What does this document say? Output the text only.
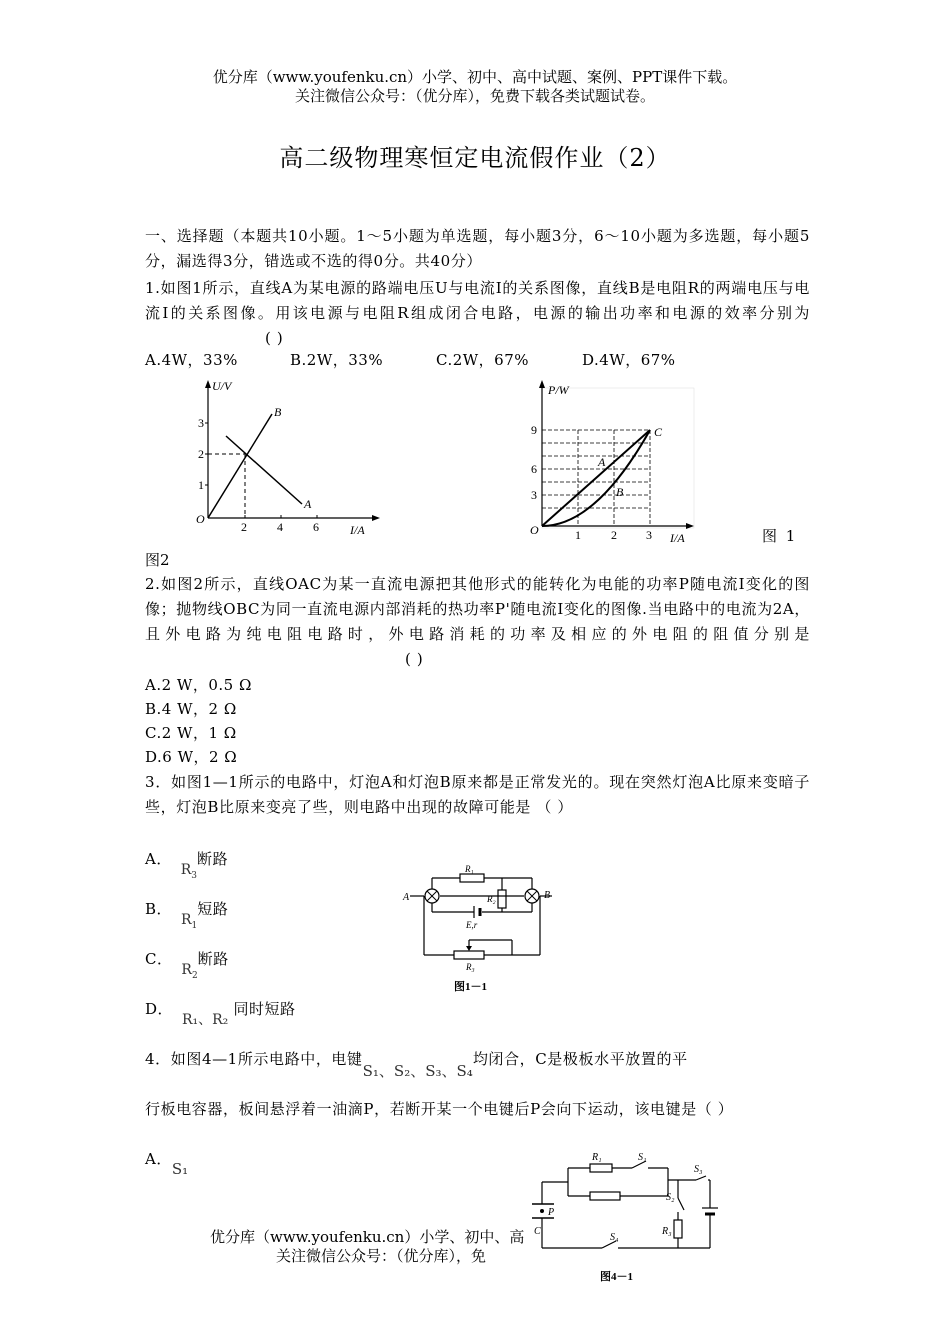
优分库（www.youfenku.cn）小学、初中、高中试题、案例、PPT课件下载。
关注微信公众号：（优分库），免费下载各类试题试卷。
高二级物理寒恒定电流假作业（2）
一、选择题（本题共10小题。1～5小题为单选题，每小题3分，6～10小题为多选题，每小题5分，漏选得3分，错选或不选的得0分。共40分）
1.如图1所示，直线A为某电源的路端电压U与电流I的关系图像，直线B是电阻R的两端电压与电流I的关系图像。用该电源与电阻R组成闭合电路，电源的输出功率和电源的效率分别为( )
A.4W，33%	B.2W，33%	C.2W，67%	D.4W，67%
U/V
I/A
O
1
2
3
2	4	6
B
A
P/W
I/A
O
3
6
9
1	2 3
A
B
C
图 1
图2
2.如图2所示，直线OAC为某一直流电源把其他形式的能转化为电能的功率P随电流I变化的图像；抛物线OBC为同一直流电源内部消耗的热功率P'随电流I变化的图像.当电路中的电流为2A，且外电路为纯电阻电路时，外电路消耗的功率及相应的外电阻的阻值分别是( )
A.2 W，0.5 Ω
B.4 W，2 Ω
C.2 W，1 Ω
D.6 W，2 Ω
3．如图1—1所示的电路中，灯泡A和灯泡B原来都是正常发光的。现在突然灯泡A比原来变暗子些，灯泡B比原来变亮了些，则电路中出现的故障可能是 （ ）
A．  $R_3$断路
B．  $R_1$短路
C．  $R_2$断路
D．  R₁、R₂ 同时短路
A	B
R₁
R₂
E,r
R₃
图1－1
4．如图4—1所示电路中，电键S₁、S₂、S₃、S₄均闭合，C是极板水平放置的平
行板电容器，板间悬浮着一油滴P，若断开某一个电键后P会向下运动，该电键是（ ）
A．S₁
R₁	S₁
S₃
S₂
R₃
S₄
P
C
图4－1
优分库（www.youfenku.cn）小学、初中、高
关注微信公众号：（优分库），免
